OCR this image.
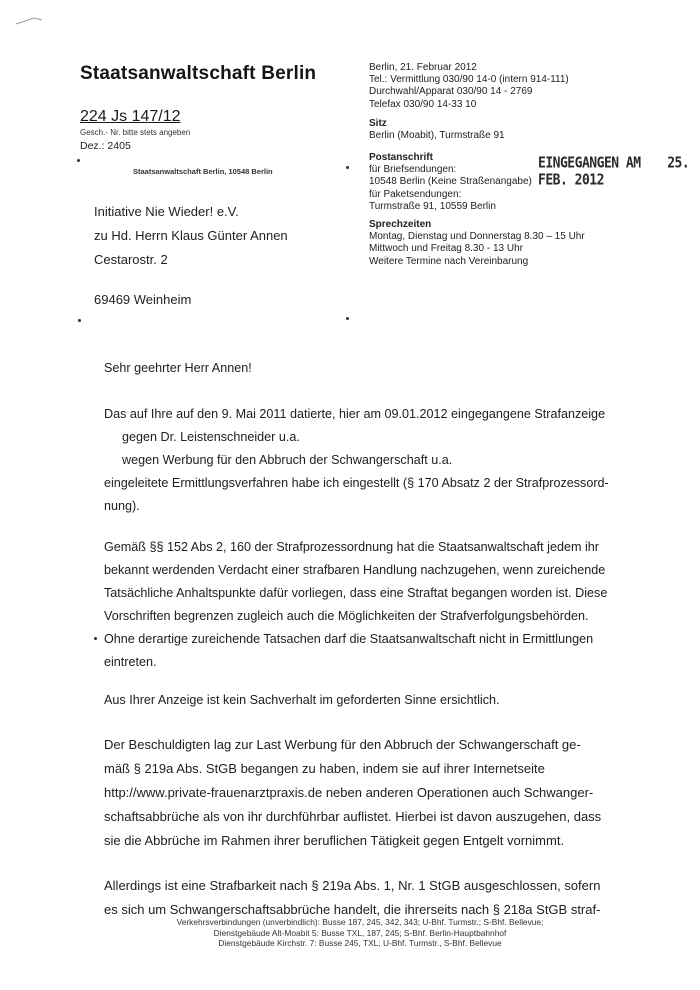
Staatsanwaltschaft Berlin
224 Js 147/12
Gesch.- Nr. bitte stets angeben
Dez.: 2405
Staatsanwaltschaft Berlin, 10548 Berlin
Initiative Nie Wieder! e.V.
zu Hd. Herrn Klaus Günter Annen
Cestarostr. 2
69469 Weinheim
Berlin, 21. Februar 2012
Tel.: Vermittlung 030/90 14-0 (intern 914-111)
Durchwahl/Apparat 030/90 14 - 2769
Telefax 030/90 14-33 10
Sitz
Berlin (Moabit), Turmstraße 91
Postanschrift
für Briefsendungen:
10548 Berlin (Keine Straßenangabe)
für Paketsendungen:
Turmstraße 91, 10559 Berlin
Sprechzeiten
Montag, Dienstag und Donnerstag 8.30 – 15 Uhr
Mittwoch und Freitag 8.30 - 13 Uhr
Weitere Termine nach Vereinbarung
EINGEGANGEN AM 25. FEB. 2012
Sehr geehrter Herr Annen!
Das auf Ihre auf den 9. Mai 2011 datierte, hier am 09.01.2012 eingegangene Strafanzeige
gegen Dr. Leistenschneider u.a.
wegen Werbung für den Abbruch der Schwangerschaft u.a.
eingeleitete Ermittlungsverfahren habe ich eingestellt (§ 170 Absatz 2 der Strafprozessord-
nung).
Gemäß §§ 152 Abs 2, 160 der Strafprozessordnung hat die Staatsanwaltschaft jedem ihr
bekannt werdenden Verdacht einer strafbaren Handlung nachzugehen, wenn zureichende
Tatsächliche Anhaltspunkte dafür vorliegen, dass eine Straftat begangen worden ist. Diese
Vorschriften begrenzen zugleich auch die Möglichkeiten der Strafverfolgungsbehörden.
Ohne derartige zureichende Tatsachen darf die Staatsanwaltschaft nicht in Ermittlungen
eintreten.
Aus Ihrer Anzeige ist kein Sachverhalt im geforderten Sinne ersichtlich.
Der Beschuldigten lag zur Last Werbung für den Abbruch der Schwangerschaft ge-
mäß § 219a Abs. StGB begangen zu haben, indem sie auf ihrer Internetseite
http://www.private-frauenarztpraxis.de neben anderen Operationen auch Schwanger-
schaftsabbrüche als von ihr durchführbar auflistet. Hierbei ist davon auszugehen, dass
sie die Abbrüche im Rahmen ihrer beruflichen Tätigkeit gegen Entgelt vornimmt.
Allerdings ist eine Strafbarkeit nach § 219a Abs. 1, Nr. 1 StGB ausgeschlossen, sofern
es sich um Schwangerschaftsabbrüche handelt, die ihrerseits nach § 218a StGB straf-
Verkehrsverbindungen (unverbindlich): Busse 187, 245, 342, 343; U-Bhf. Turmstr.; S-Bhf. Bellevue;
Dienstgebäude Alt-Moabit 5: Busse TXL, 187, 245; S-Bhf. Berlin-Hauptbahnhof
Dienstgebäude Kirchstr. 7: Busse 245, TXL; U-Bhf. Turmstr., S-Bhf. Bellevue
